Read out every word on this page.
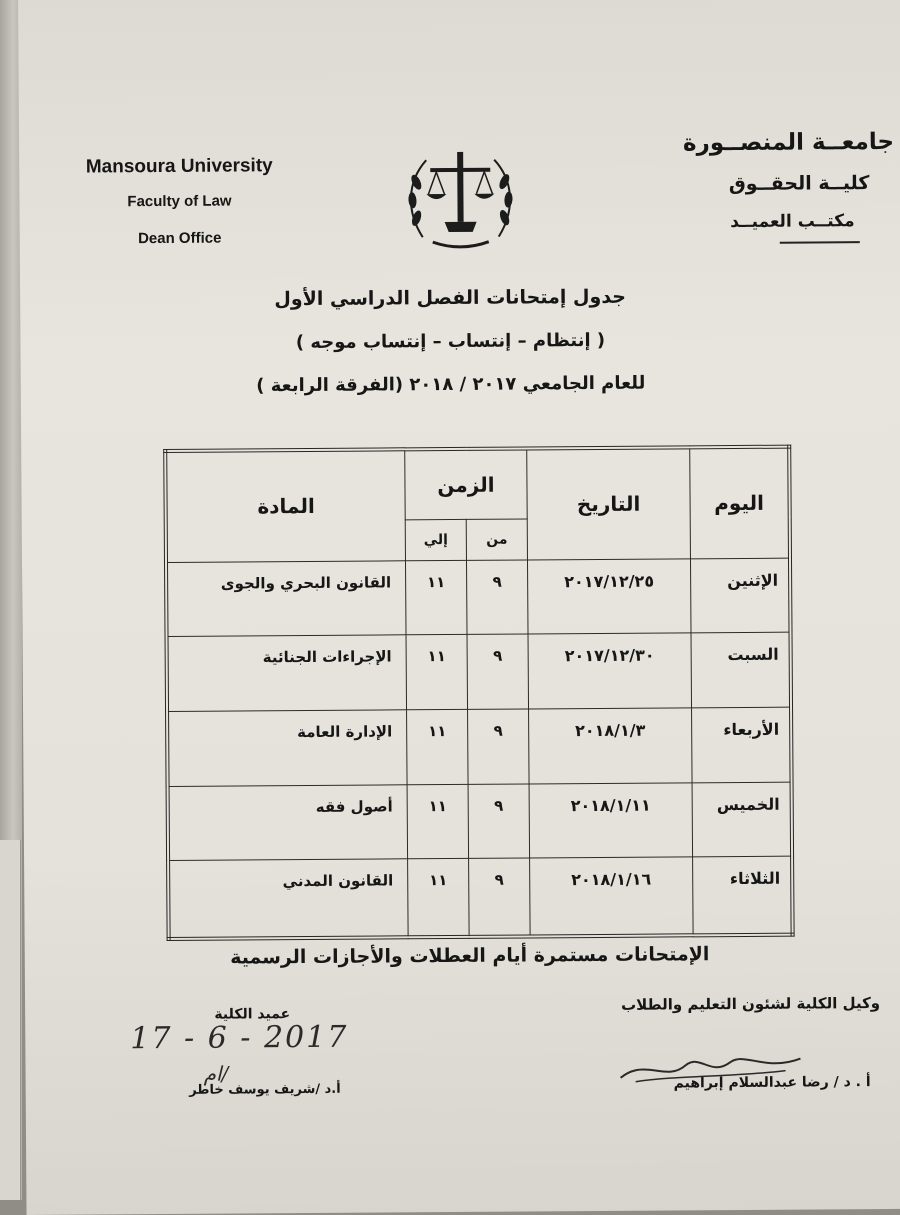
Mansoura University
Faculty of Law
Dean Office
جامعــة المنصــورة
كليــة الحقــوق
مكتــب العميــد
جدول إمتحانات الفصل الدراسي الأول
( إنتظام – إنتساب – إنتساب موجه )
للعام الجامعي ٢٠١٧ / ٢٠١٨ (الفرقة الرابعة )
اليوم	التاريخ	الزمن		المادة
		من	إلي	
الإثنين	٢٠١٧/١٢/٢٥	٩	١١	القانون البحري والجوى
السبت	٢٠١٧/١٢/٣٠	٩	١١	الإجراءات الجنائية
الأربعاء	٢٠١٨/١/٣	٩	١١	الإدارة العامة
الخميس	٢٠١٨/١/١١	٩	١١	أصول فقه
الثلاثاء	٢٠١٨/١/١٦	٩	١١	القانون المدني
الإمتحانات مستمرة أيام العطلات والأجازات الرسمية
وكيل الكلية لشئون التعليم والطلاب
أ . د / رضا عبدالسلام إبراهيم
عميد الكلية
أ.د /شريف يوسف خاطر
17 - 6 - 2017
ام/
